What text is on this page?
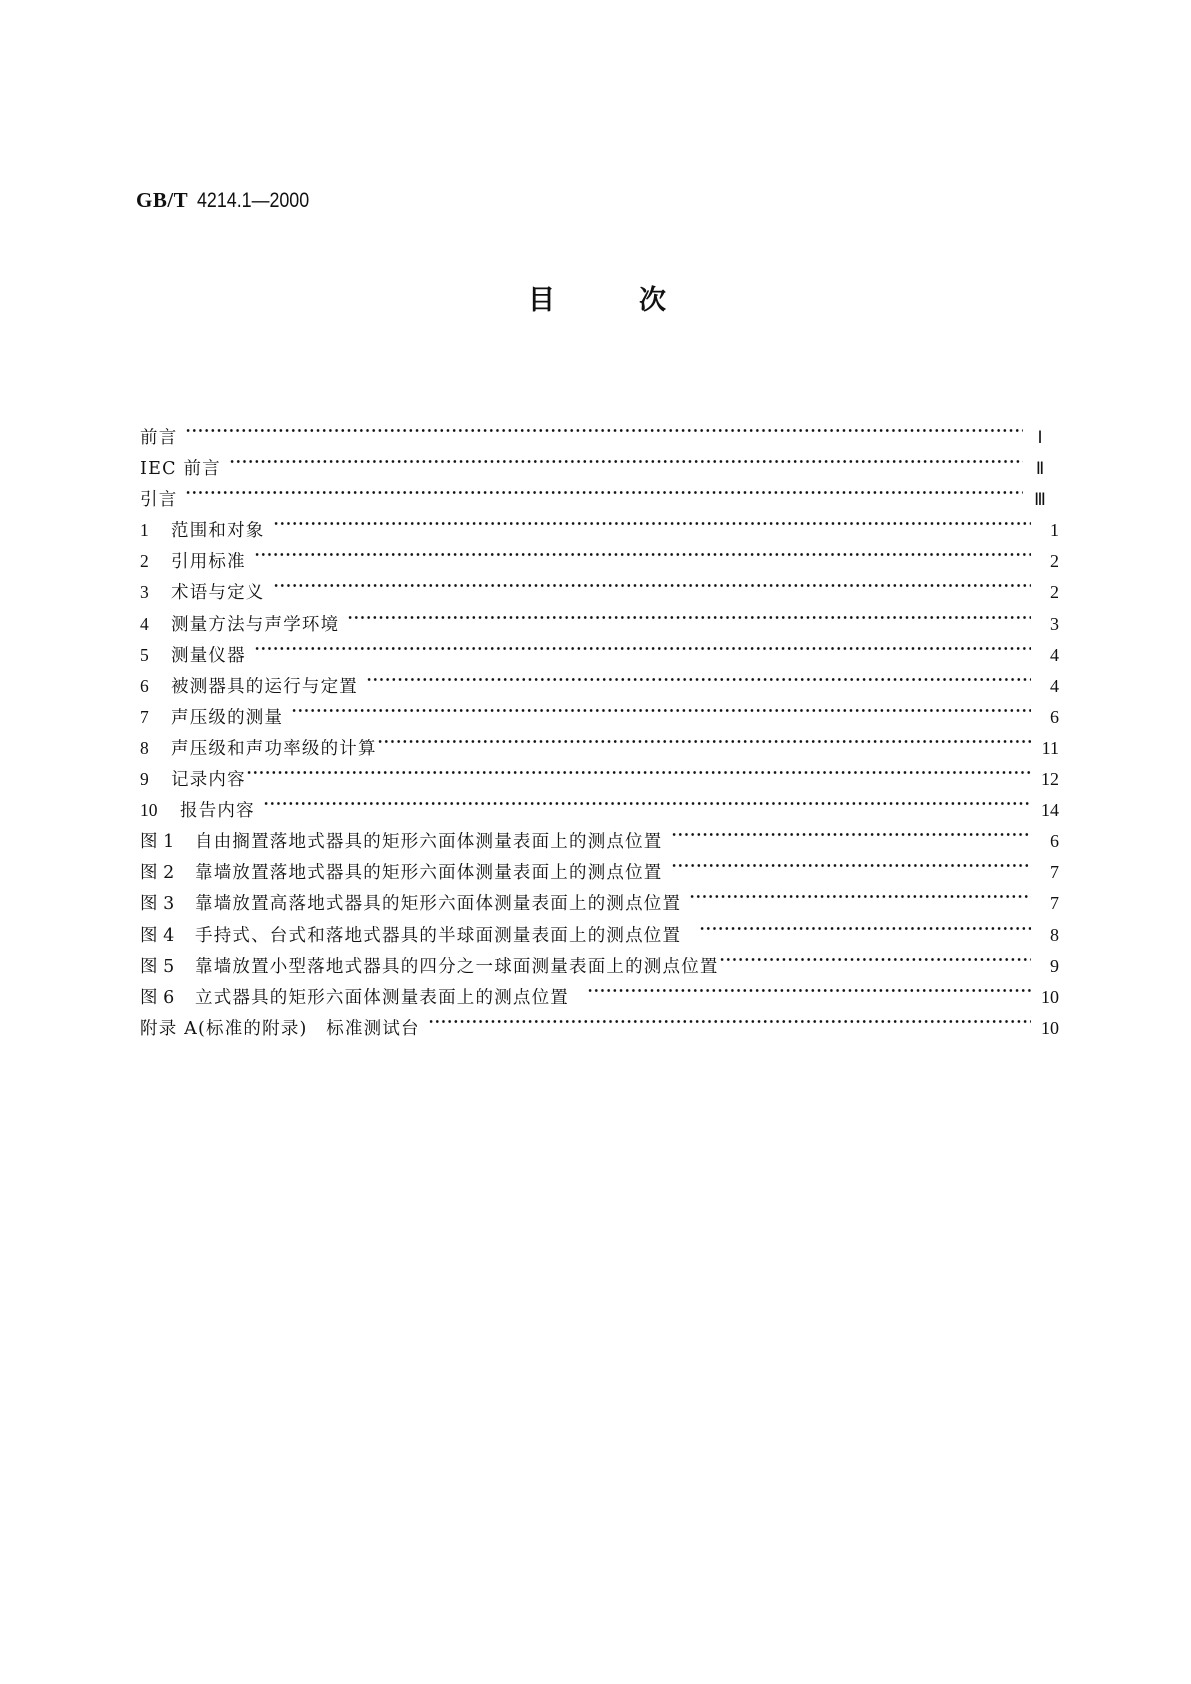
GB/T 4214.1—2000
目	次
前言	Ⅰ
IEC 前言	Ⅱ
引言	Ⅲ
1	范围和对象	1
2	引用标准	2
3	术语与定义	2
4	测量方法与声学环境	3
5	测量仪器	4
6	被测器具的运行与定置	4
7	声压级的测量	6
8	声压级和声功率级的计算	11
9	记录内容	12
10	报告内容	14
图 1	自由搁置落地式器具的矩形六面体测量表面上的测点位置	6
图 2	靠墙放置落地式器具的矩形六面体测量表面上的测点位置	7
图 3	靠墙放置高落地式器具的矩形六面体测量表面上的测点位置	7
图 4	手持式、台式和落地式器具的半球面测量表面上的测点位置	8
图 5	靠墙放置小型落地式器具的四分之一球面测量表面上的测点位置	9
图 6	立式器具的矩形六面体测量表面上的测点位置	10
附录 A(标准的附录)　标准测试台	10
